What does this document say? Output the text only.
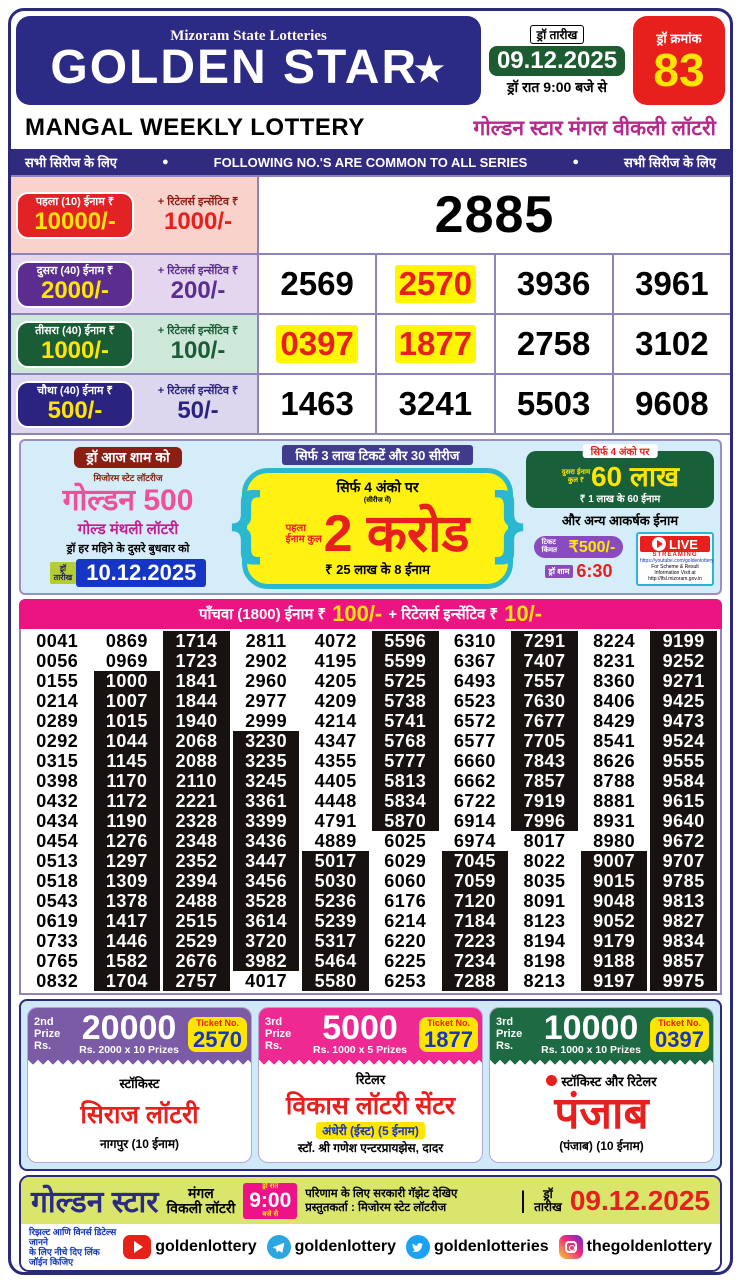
Mizoram State Lotteries
GOLDEN STAR★
ड्रॉ तारीख
09.12.2025
ड्रॉ रात 9:00 बजे से
ड्रॉ क्रमांक
83
MANGAL WEEKLY LOTTERY	गोल्डन स्टार मंगल वीकली लॉटरी
सभी सिरीज के लिए	●	FOLLOWING NO.'S ARE COMMON TO ALL SERIES	●	सभी सिरीज के लिए
पहला (10) ईनाम ₹
10000/-
+ रिटेलर्स इन्सेंटिव ₹
1000/-	2885
दुसरा (40) ईनाम ₹
2000/-
+ रिटेलर्स इन्सेंटिव ₹
200/- 2569 2570 3936 3961
तीसरा (40) ईनाम ₹
1000/-
+ रिटेलर्स इन्सेंटिव ₹
100/- 0397 1877 2758 3102
चौथा (40) ईनाम ₹
500/-
+ रिटेलर्स इन्सेंटिव ₹
50/- 1463 3241 5503 9608
ड्रॉ आज शाम को
मिजोरम स्टेट लॉटरीज
गोल्डन 500
गोल्ड मंथली लॉटरी
ड्रॉ हर महिने के दुसरे बुधवार को
ड्रॉ
तारीख 10.12.2025
सिर्फ 3 लाख टिकटें और 30 सीरीज
{ सिर्फ 4 अंको पर
(सीरीज में)
पहला ईनाम कुल 2 करोड
₹ 25 लाख के 8 ईनाम
}
सिर्फ 4 अंको पर
दुसरा ईनाम कुल ₹ 60 लाख
₹ 1 लाख के 60 ईनाम
और अन्य आकर्षक ईनाम
टिकट किंमत ₹500/-
ड्रॉ शाम 6:30
LIVE
STREAMING
https://youtube.com/goldenlottery
For Scheme & Result Information Visit at http://lfsl.mizoram.gov.in
पाँचवा (1800) ईनाम ₹ 100/- + रिटेलर्स इन्सेंटिव ₹ 10/-
0041	0869	1714	2811	4072	5596	6310	7291	8224	9199
0056	0969	1723	2902	4195	5599	6367	7407	8231	9252
0155	1000	1841	2960	4205	5725	6493	7557	8360	9271
0214	1007	1844	2977	4209	5738	6523	7630	8406	9425
0289	1015	1940	2999	4214	5741	6572	7677	8429	9473
0292	1044	2068	3230	4347	5768	6577	7705	8541	9524
0315	1145	2088	3235	4355	5777	6660	7843	8626	9555
0398	1170	2110	3245	4405	5813	6662	7857	8788	9584
0432	1172	2221	3361	4448	5834	6722	7919	8881	9615
0434	1190	2328	3399	4791	5870	6914	7996	8931	9640
0454	1276	2348	3436	4889	6025	6974	8017	8980	9672
0513	1297	2352	3447	5017	6029	7045	8022	9007	9707
0518	1309	2394	3456	5030	6060	7059	8035	9015	9785
0543	1378	2488	3528	5236	6176	7120	8091	9048	9813
0619	1417	2515	3614	5239	6214	7184	8123	9052	9827
0733	1446	2529	3720	5317	6220	7223	8194	9179	9834
0765	1582	2676	3982	5464	6225	7234	8198	9188	9857
0832	1704	2757	4017	5580	6253	7288	8213	9197	9975
2nd Prize Rs. 20000
Rs. 2000 x 10 Prizes
Ticket No.
2570
स्टॉकिस्ट
सिराज लॉटरी
नागपुर (10 ईनाम)
3rd Prize Rs.	5000
Rs. 1000 x 5 Prizes
Ticket No.
1877
रिटेलर
विकास लॉटरी सेंटर
अंधेरी (ईस्ट) (5 ईनाम)
स्टॉ. श्री गणेश एन्टरप्रायझेस, दादर
3rd Prize Rs. 10000
Rs. 1000 x 10 Prizes
Ticket No.
0397
स्टॉकिस्ट और रिटेलर
पंजाब
(पंजाब) (10 ईनाम)
गोल्डन स्टार	मंगल
विकली लॉटरी
ड्रॉ रात
9:00
बजे से
परिणाम के लिए सरकारी गॅझेट देखिए
प्रस्तुतकर्ता : मिजोरम स्टेट लॉटरीज	|	ड्रॉ
तारीख 09.12.2025
रिझल्ट आणि विनर्स डिटेल्स जानने
के लिए नीचे दिए लिंक जॉईन किजिए
goldenlottery goldenlottery goldenlotteries thegoldenlottery
